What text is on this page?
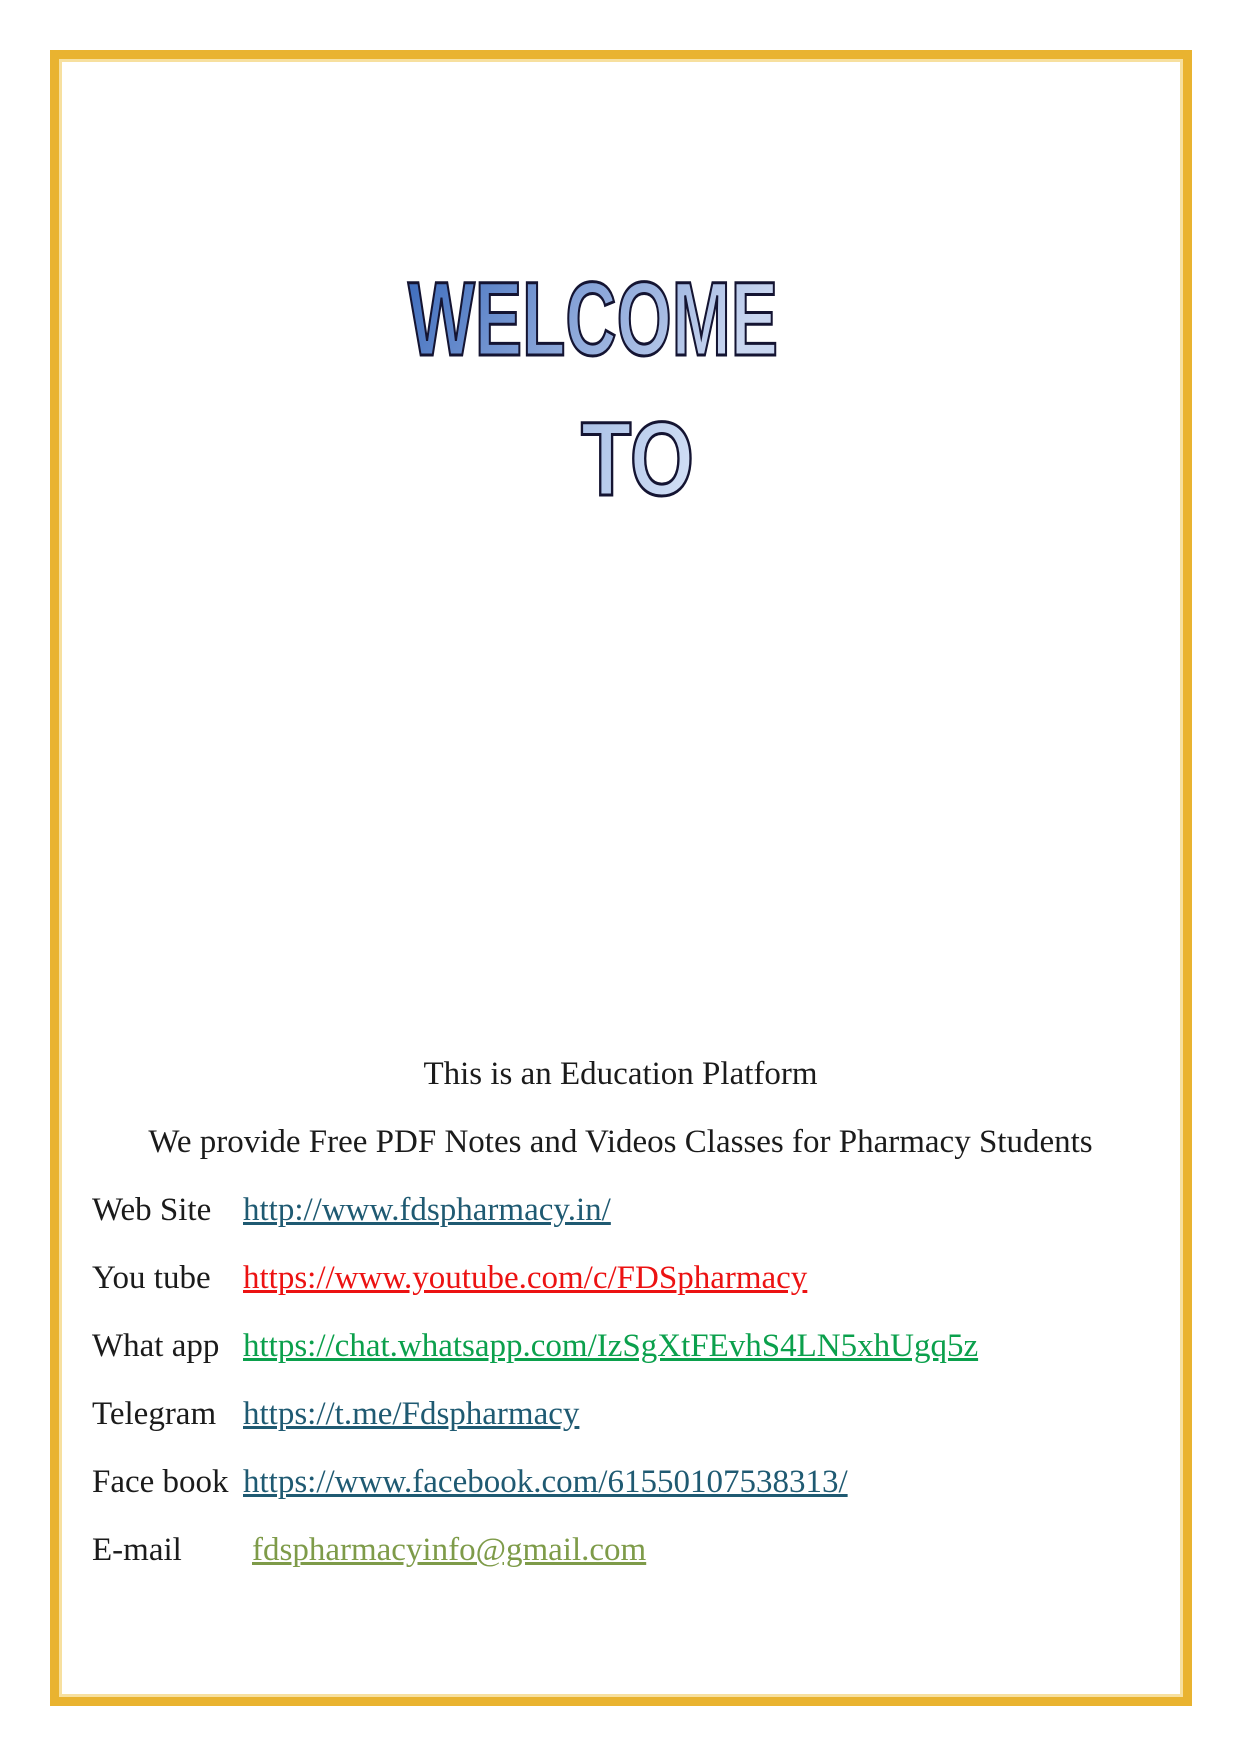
WELCOME
TO
This is an Education Platform
We provide Free PDF Notes and Videos Classes for Pharmacy Students
Web Site http://www.fdspharmacy.in/
You tube https://www.youtube.com/c/FDSpharmacy
What app https://chat.whatsapp.com/IzSgXtFEvhS4LN5xhUgq5z
Telegram https://t.me/Fdspharmacy
Face book https://www.facebook.com/61550107538313/
E-mail fdspharmacyinfo@gmail.com
